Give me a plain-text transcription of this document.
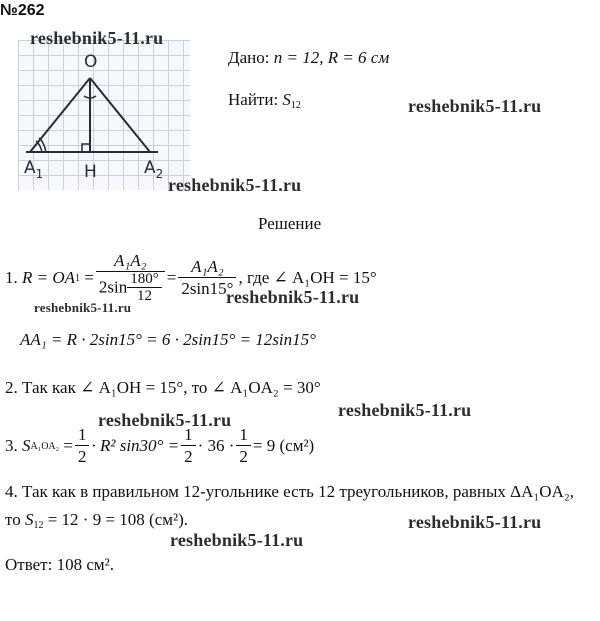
№262
O
$A_1$ H	$A_2$
reshebnik5-11.ru
reshebnik5-11.ru
reshebnik5-11.ru
reshebnik5-11.ru
reshebnik5-11.ru
reshebnik5-11.ru
reshebnik5-11.ru
reshebnik5-11.ru
reshebnik5-11.ru
Дано: n = 12, R = 6 см
Найти: $S_{12}$
Решение
1.
R = OA 1
= $\frac{\text{A₁A₂}}{2\sin \frac{180^\circ}{12}} = \frac{\text{A₁A₂}}{2\sin 15^\circ}$ , где ∠ A₁OH = 15°
AA₁ = R · 2sin15° = 6 · 2sin15° = 12sin15°
2. Так как ∠ A₁OH = 15°, то ∠ A₁OA₂ = 30°
3.
S A₁OA₂
= $\frac{1}{2} \cdot R^2$ $\sin 30^\circ = \frac{1}{2} \cdot 36 \cdot \frac{1}{2} = 9$ (см²)
4. Так как в правильном 12-угольнике есть 12 треугольников, равных ΔA₁OA₂,
то $S_{12} = 12 \cdot 9 = 108$ (см²).
Ответ: 108 см².
